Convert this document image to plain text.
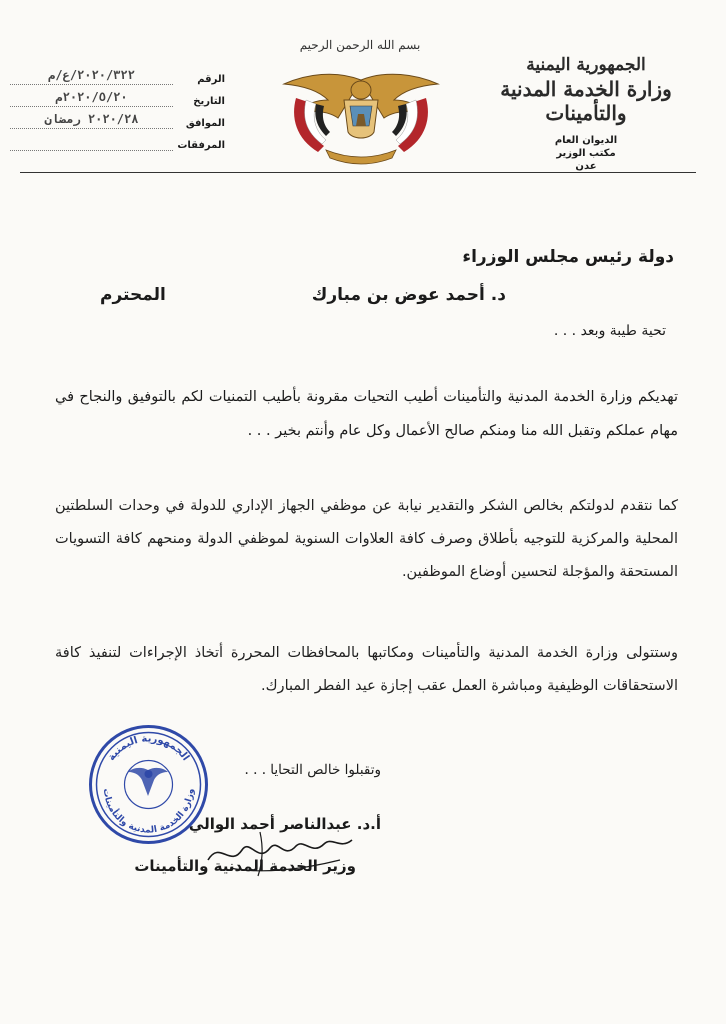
الجمهورية اليمنية
وزارة الخدمة المدنية والتأمينات
الديوان العام
مكتب الوزير
عدن
بسم الله الرحمن الرحيم
الرقم
٢٠٢٠/٣٢٢/ع/م
التاريخ
٢٠٢٠/٥/٢٠م
الموافق
٢٠٢٠/٢٨ رمضان
المرفقات
دولة رئيس مجلس الوزراء
د. أحمد عوض بن مبارك
المحترم
تحية طيبة وبعد . . .
تهديكم وزارة الخدمة المدنية والتأمينات أطيب التحيات مقرونة بأطيب التمنيات لكم بالتوفيق والنجاح في مهام عملكم وتقبل الله منا ومنكم صالح الأعمال وكل عام وأنتم بخير . . .
كما نتقدم لدولتكم بخالص الشكر والتقدير نيابة عن موظفي الجهاز الإداري للدولة في وحدات السلطتين المحلية والمركزية للتوجيه بأطلاق وصرف كافة العلاوات السنوية لموظفي الدولة ومنحهم كافة التسويات المستحقة والمؤجلة لتحسين أوضاع الموظفين.
وستتولى وزارة الخدمة المدنية والتأمينات ومكاتبها بالمحافظات المحررة أتخاذ الإجراءات لتنفيذ كافة الاستحقاقات الوظيفية ومباشرة العمل عقب إجازة عيد الفطر المبارك.
وتقبلوا خالص التحايا . . .
أ.د. عبدالناصر أحمد الوالي
وزير الخدمة المدنية والتأمينات
الجمهورية اليمنية
وزارة الخدمة المدنية والتأمينات
